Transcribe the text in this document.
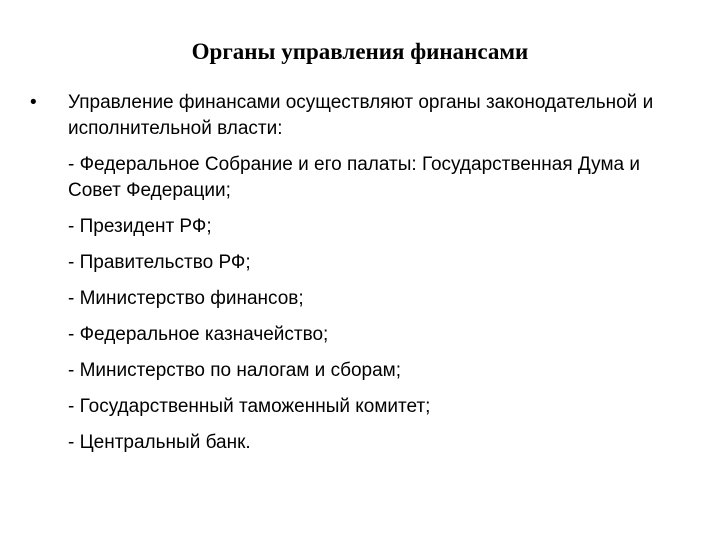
Органы управления финансами
•	Управление финансами осуществляют органы законодательной и исполнительной власти:
- Федеральное Собрание и его палаты: Государственная Дума и Совет Федерации;
- Президент РФ;
- Правительство РФ;
- Министерство финансов;
- Федеральное казначейство;
- Министерство по налогам и сборам;
- Государственный таможенный комитет;
- Центральный банк.
